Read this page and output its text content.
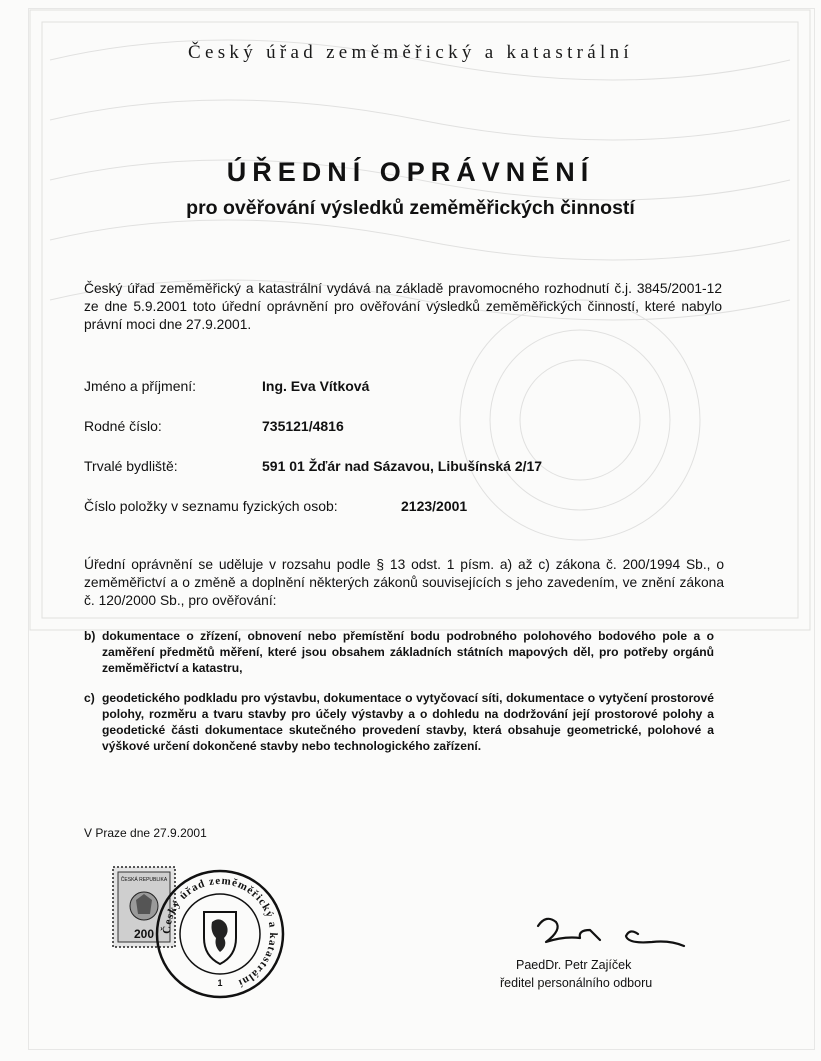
Český úřad zeměměřický a katastrální
ÚŘEDNÍ OPRÁVNĚNÍ
pro ověřování výsledků zeměměřických činností
Český úřad zeměměřický a katastrální vydává na základě pravomocného rozhodnutí č.j. 3845/2001-12 ze dne 5.9.2001 toto úřední oprávnění pro ověřování výsledků zeměměřických činností, které nabylo právní moci dne 27.9.2001.
Jméno a příjmení:	Ing. Eva Vítková
Rodné číslo:	735121/4816
Trvalé bydliště:	591 01 Žďár nad Sázavou, Libušínská 2/17
Číslo položky v seznamu fyzických osob:	2123/2001
Úřední oprávnění se uděluje v rozsahu podle § 13 odst. 1 písm. a) až c) zákona č. 200/1994 Sb., o zeměměřictví a o změně a doplnění některých zákonů souvisejících s jeho zavedením, ve znění zákona č. 120/2000 Sb., pro ověřování:
b) dokumentace o zřízení, obnovení nebo přemístění bodu podrobného polohového bodového pole a o zaměření předmětů měření, které jsou obsahem základních státních mapových děl, pro potřeby orgánů zeměměřictví a katastru,
c) geodetického podkladu pro výstavbu, dokumentace o vytyčovací síti, dokumentace o vytyčení prostorové polohy, rozměru a tvaru stavby pro účely výstavby a o dohledu na dodržování její prostorové polohy a geodetické části dokumentace skutečného provedení stavby, která obsahuje geometrické, polohové a výškové určení dokončené stavby nebo technologického zařízení.
V Praze dne 27.9.2001
ČESKÁ REPUBLIKA
200 Český úřad zeměměřický a katastrální
1
PaedDr. Petr Zajíček
ředitel personálního odboru
